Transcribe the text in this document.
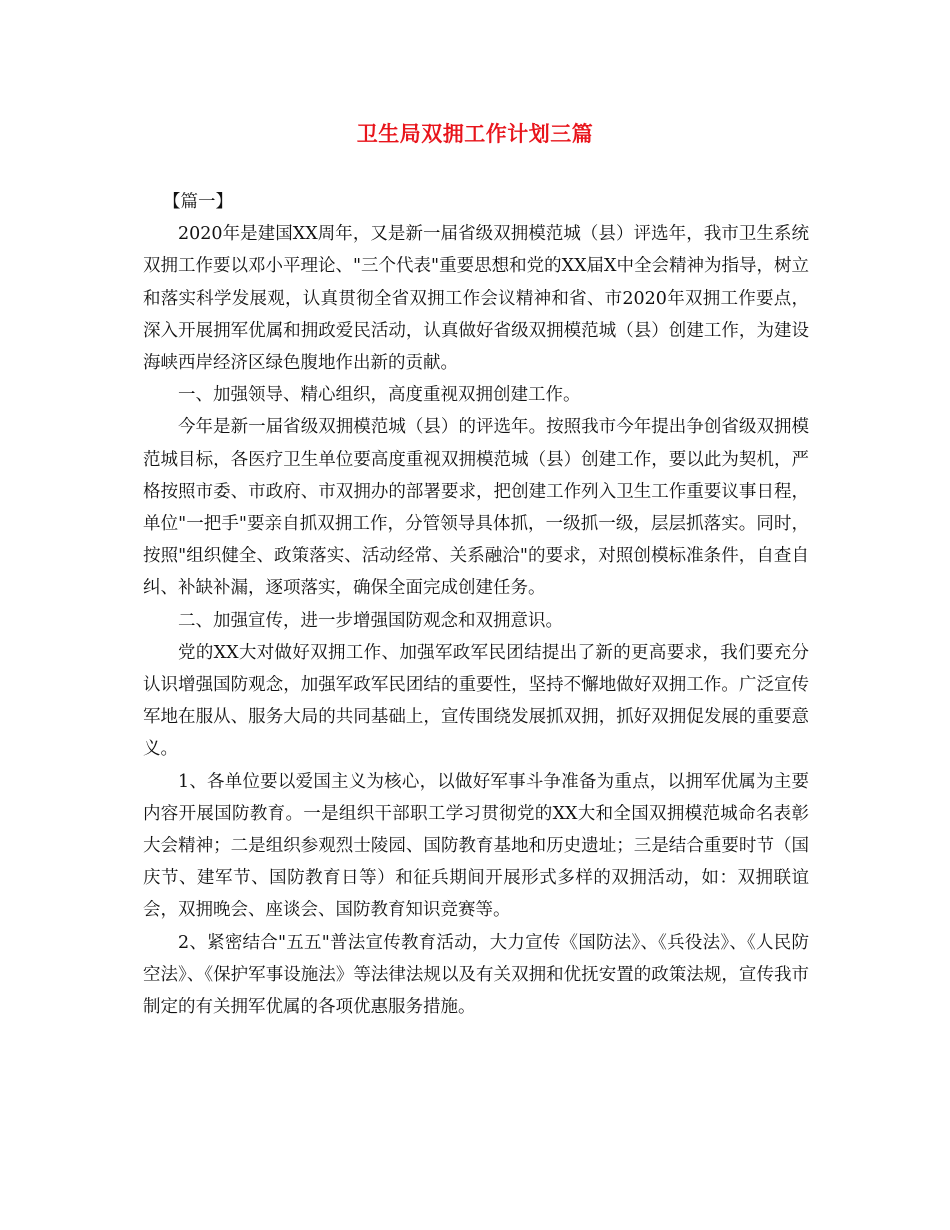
卫生局双拥工作计划三篇

【篇一】

2020年是建国XX周年，又是新一届省级双拥模范城（县）评选年，我市卫生系统双拥工作要以邓小平理论、"三个代表"重要思想和党的XX届X中全会精神为指导，树立和落实科学发展观，认真贯彻全省双拥工作会议精神和省、市2020年双拥工作要点，深入开展拥军优属和拥政爱民活动，认真做好省级双拥模范城（县）创建工作，为建设海峡西岸经济区绿色腹地作出新的贡献。

一、加强领导、精心组织，高度重视双拥创建工作。

今年是新一届省级双拥模范城（县）的评选年。按照我市今年提出争创省级双拥模范城目标，各医疗卫生单位要高度重视双拥模范城（县）创建工作，要以此为契机，严格按照市委、市政府、市双拥办的部署要求，把创建工作列入卫生工作重要议事日程，单位"一把手"要亲自抓双拥工作，分管领导具体抓，一级抓一级，层层抓落实。同时，按照"组织健全、政策落实、活动经常、关系融洽"的要求，对照创模标准条件，自查自纠、补缺补漏，逐项落实，确保全面完成创建任务。

二、加强宣传，进一步增强国防观念和双拥意识。

党的XX大对做好双拥工作、加强军政军民团结提出了新的更高要求，我们要充分认识增强国防观念，加强军政军民团结的重要性，坚持不懈地做好双拥工作。广泛宣传军地在服从、服务大局的共同基础上，宣传围绕发展抓双拥，抓好双拥促发展的重要意义。

1、各单位要以爱国主义为核心，以做好军事斗争准备为重点，以拥军优属为主要内容开展国防教育。一是组织干部职工学习贯彻党的XX大和全国双拥模范城命名表彰大会精神；二是组织参观烈士陵园、国防教育基地和历史遗址；三是结合重要时节（国庆节、建军节、国防教育日等）和征兵期间开展形式多样的双拥活动，如：双拥联谊会，双拥晚会、座谈会、国防教育知识竞赛等。

2、紧密结合"五五"普法宣传教育活动，大力宣传《国防法》、《兵役法》、《人民防空法》、《保护军事设施法》等法律法规以及有关双拥和优抚安置的政策法规，宣传我市制定的有关拥军优属的各项优惠服务措施。
